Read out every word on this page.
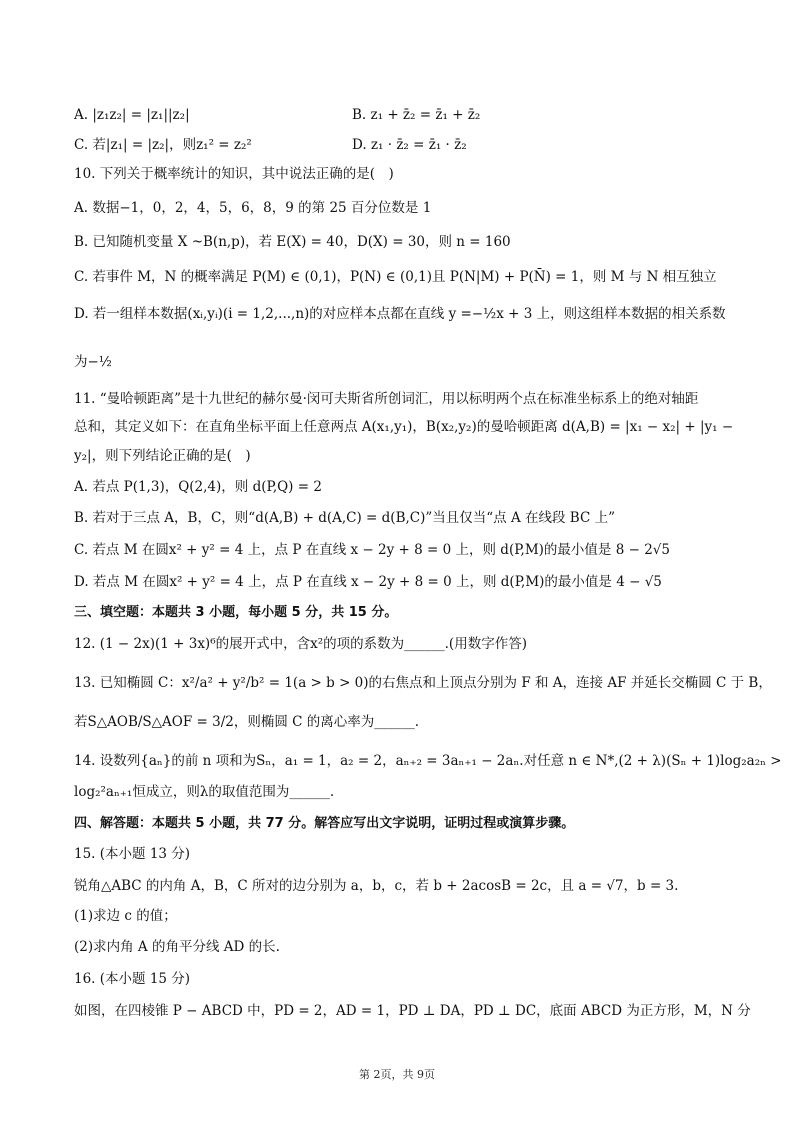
A. |z₁z₂| = |z₁||z₂|	B. z₁ + z̄₂ = z̄₁ + z̄₂
C. 若|z₁| = |z₂|，则z₁² = z₂²	D. z₁ · z̄₂ = z̄₁ · z̄₂
10. 下列关于概率统计的知识，其中说法正确的是(　)
A. 数据−1，0，2，4，5，6，8，9 的第 25 百分位数是 1
B. 已知随机变量 X ~B(n,p)，若 E(X) = 40，D(X) = 30，则 n = 160
C. 若事件 M，N 的概率满足 P(M) ∈ (0,1)，P(N) ∈ (0,1)且 P(N|M) + P(N̄) = 1，则 M 与 N 相互独立
D. 若一组样本数据(xᵢ,yᵢ)(i = 1,2,...,n)的对应样本点都在直线 y =−½x + 3 上，则这组样本数据的相关系数
为−½
11. “曼哈顿距离”是十九世纪的赫尔曼·闵可夫斯省所创词汇，用以标明两个点在标准坐标系上的绝对轴距
总和，其定义如下：在直角坐标平面上任意两点 A(x₁,y₁)，B(x₂,y₂)的曼哈顿距离 d(A,B) = |x₁ − x₂| + |y₁ −
y₂|，则下列结论正确的是(　)
A. 若点 P(1,3)，Q(2,4)，则 d(P,Q) = 2
B. 若对于三点 A，B，C，则“d(A,B) + d(A,C) = d(B,C)”当且仅当“点 A 在线段 BC 上”
C. 若点 M 在圆x² + y² = 4 上，点 P 在直线 x − 2y + 8 = 0 上，则 d(P,M)的最小值是 8 − 2√5
D. 若点 M 在圆x² + y² = 4 上，点 P 在直线 x − 2y + 8 = 0 上，则 d(P,M)的最小值是 4 − √5
三、填空题：本题共 3 小题，每小题 5 分，共 15 分。
12. (1 − 2x)(1 + 3x)⁶的展开式中，含x²的项的系数为______.(用数字作答)
13. 已知椭圆 C：x²/a² + y²/b² = 1(a > b > 0)的右焦点和上顶点分别为 F 和 A，连接 AF 并延长交椭圆 C 于 B，
若S△AOB/S△AOF = 3/2，则椭圆 C 的离心率为______.
14. 设数列{aₙ}的前 n 项和为Sₙ，a₁ = 1，a₂ = 2，aₙ₊₂ = 3aₙ₊₁ − 2aₙ.对任意 n ∈ N*,(2 + λ)(Sₙ + 1)log₂a₂ₙ >
log₂²aₙ₊₁恒成立，则λ的取值范围为______.
四、解答题：本题共 5 小题，共 77 分。解答应写出文字说明，证明过程或演算步骤。
15. (本小题 13 分)
锐角△ABC 的内角 A，B，C 所对的边分别为 a，b，c，若 b + 2acosB = 2c，且 a = √7，b = 3.
(1)求边 c 的值；
(2)求内角 A 的角平分线 AD 的长.
16. (本小题 15 分)
如图，在四棱锥 P − ABCD 中，PD = 2，AD = 1，PD ⊥ DA，PD ⊥ DC，底面 ABCD 为正方形，M，N 分
第 2页，共 9页
